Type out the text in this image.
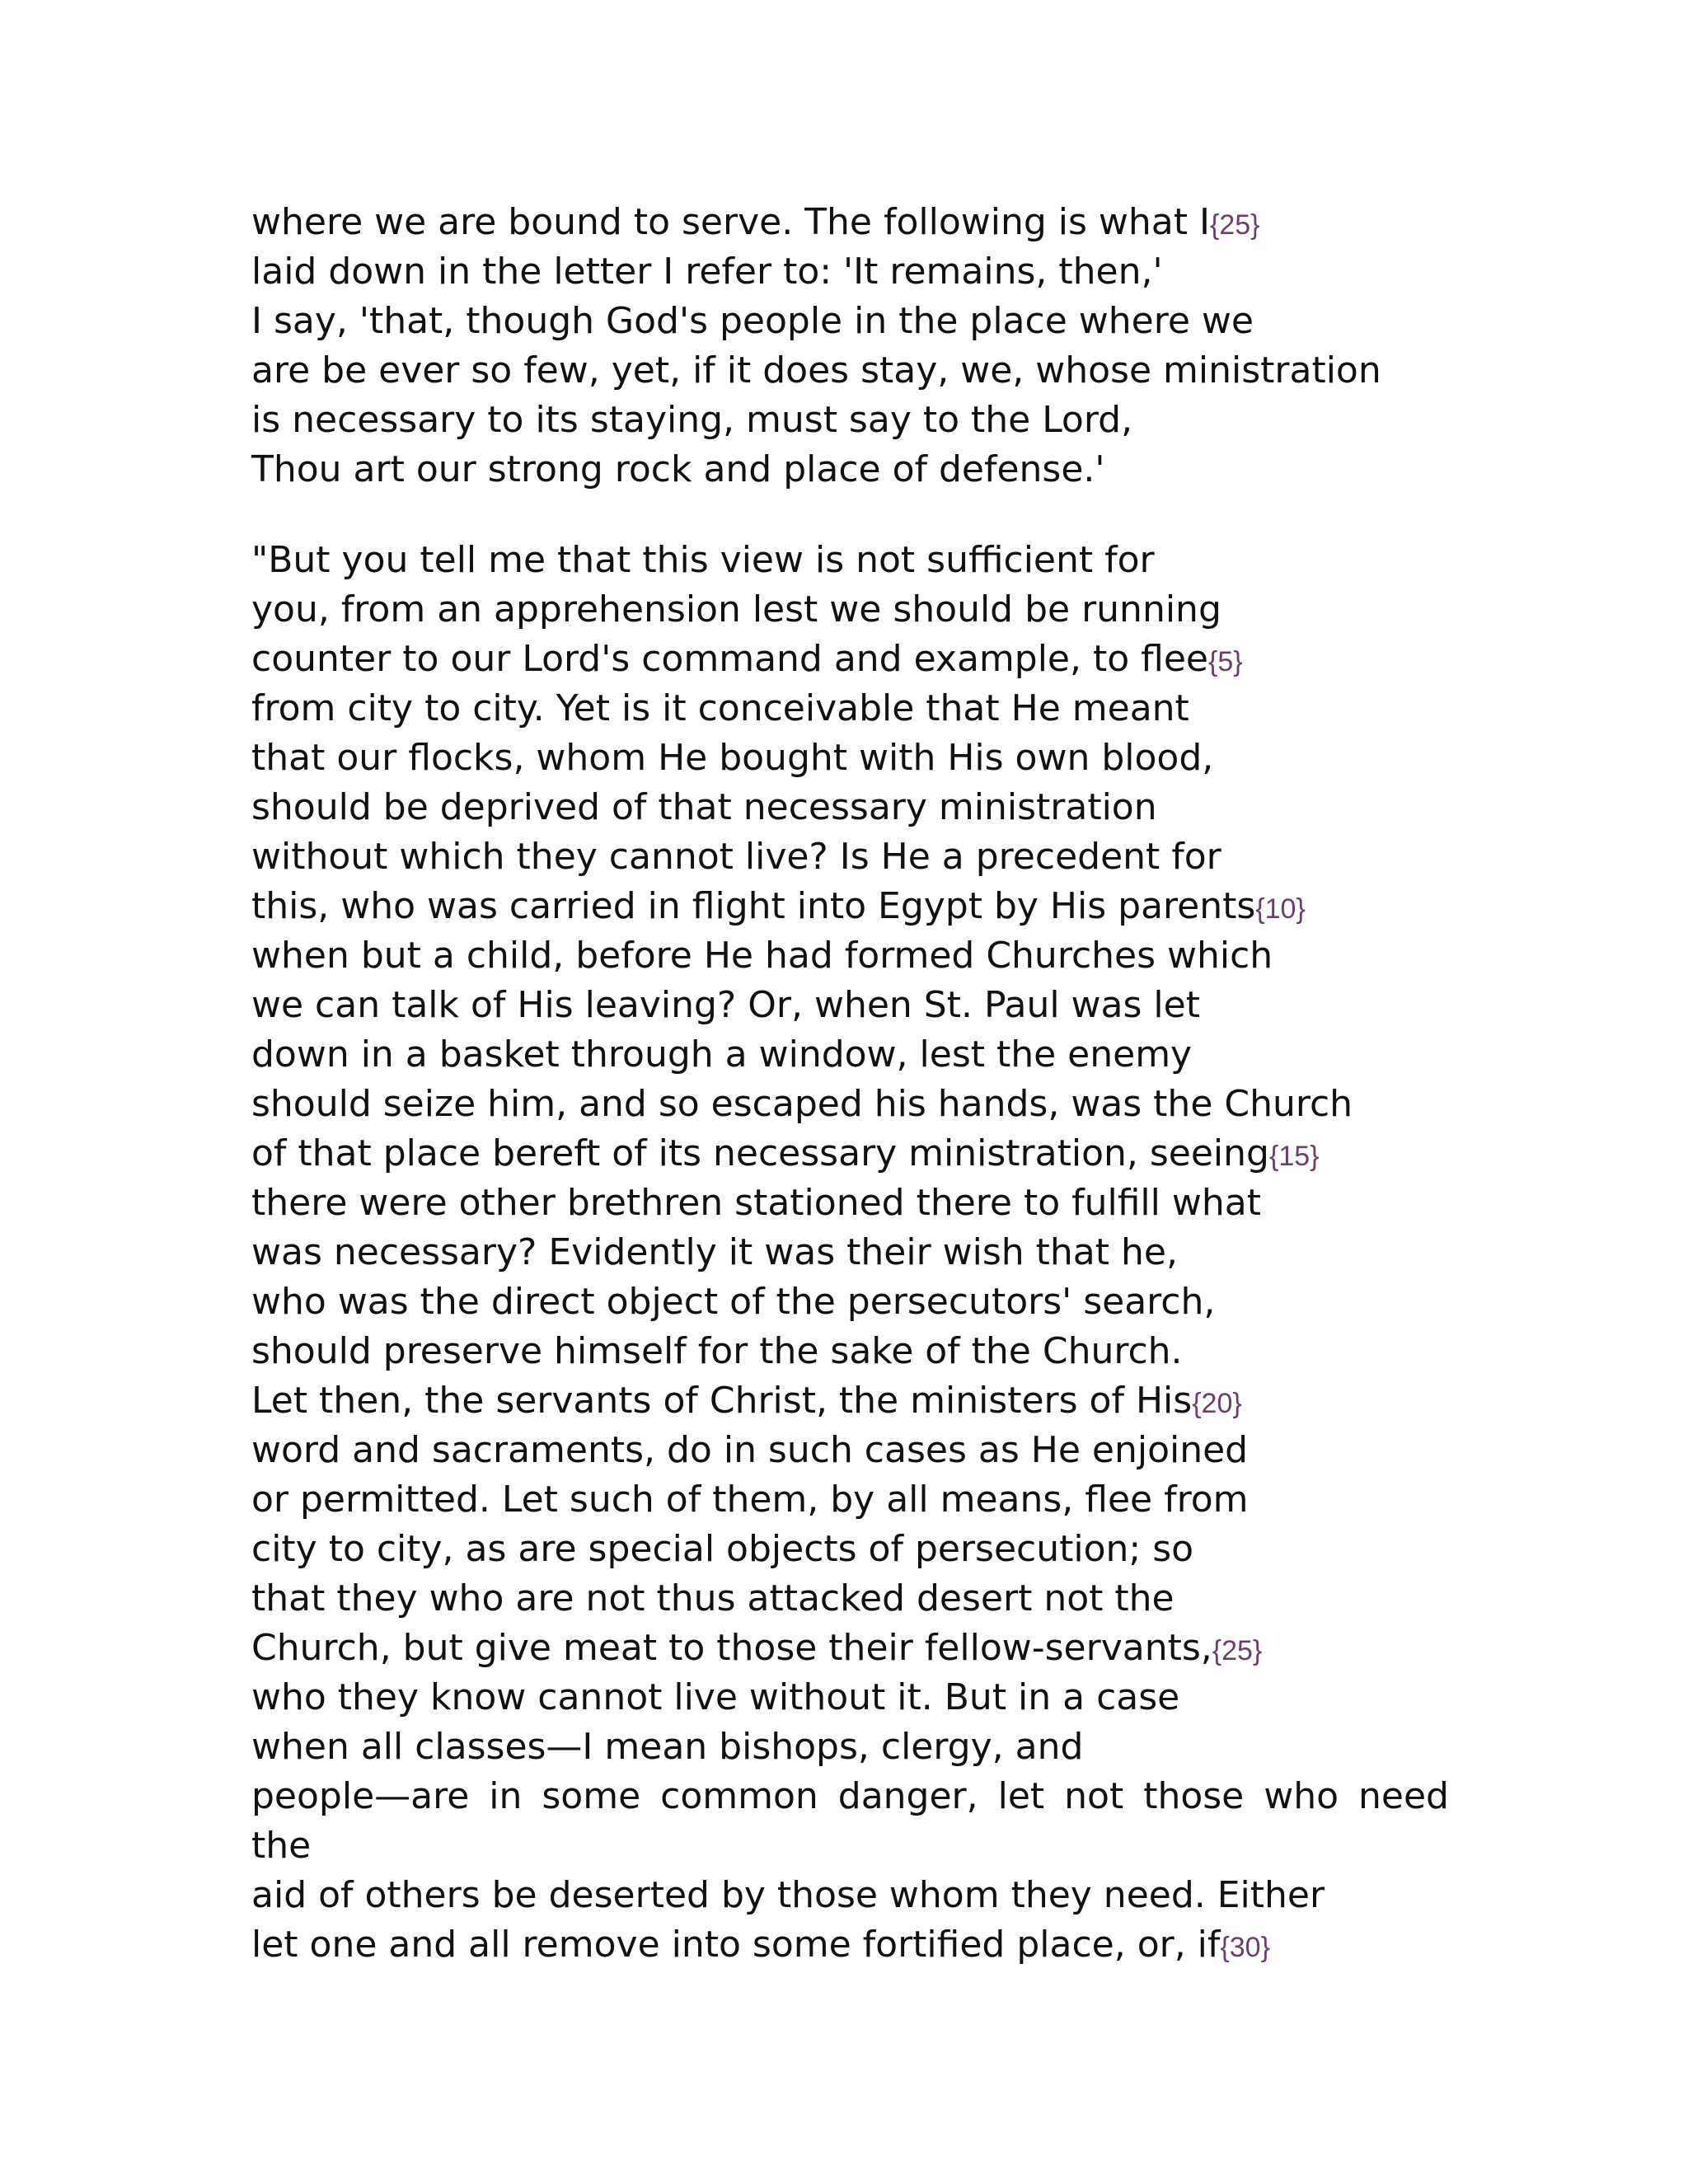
where we are bound to serve. The following is what I{25}
laid down in the letter I refer to: 'It remains, then,'
I say, 'that, though God's people in the place where we
are be ever so few, yet, if it does stay, we, whose ministration
is necessary to its staying, must say to the Lord,
Thou art our strong rock and place of defense.'
"But you tell me that this view is not sufficient for
you, from an apprehension lest we should be running
counter to our Lord's command and example, to flee{5}
from city to city. Yet is it conceivable that He meant
that our flocks, whom He bought with His own blood,
should be deprived of that necessary ministration
without which they cannot live? Is He a precedent for
this, who was carried in flight into Egypt by His parents{10}
when but a child, before He had formed Churches which
we can talk of His leaving? Or, when St. Paul was let
down in a basket through a window, lest the enemy
should seize him, and so escaped his hands, was the Church
of that place bereft of its necessary ministration, seeing{15}
there were other brethren stationed there to fulfill what
was necessary? Evidently it was their wish that he,
who was the direct object of the persecutors' search,
should preserve himself for the sake of the Church.
Let then, the servants of Christ, the ministers of His{20}
word and sacraments, do in such cases as He enjoined
or permitted. Let such of them, by all means, flee from
city to city, as are special objects of persecution; so
that they who are not thus attacked desert not the
Church, but give meat to those their fellow-servants,{25}
who they know cannot live without it. But in a case
when all classes—I mean bishops, clergy, and
people—are in some common danger, let not those who need
the
aid of others be deserted by those whom they need. Either
let one and all remove into some fortified place, or, if{30}
